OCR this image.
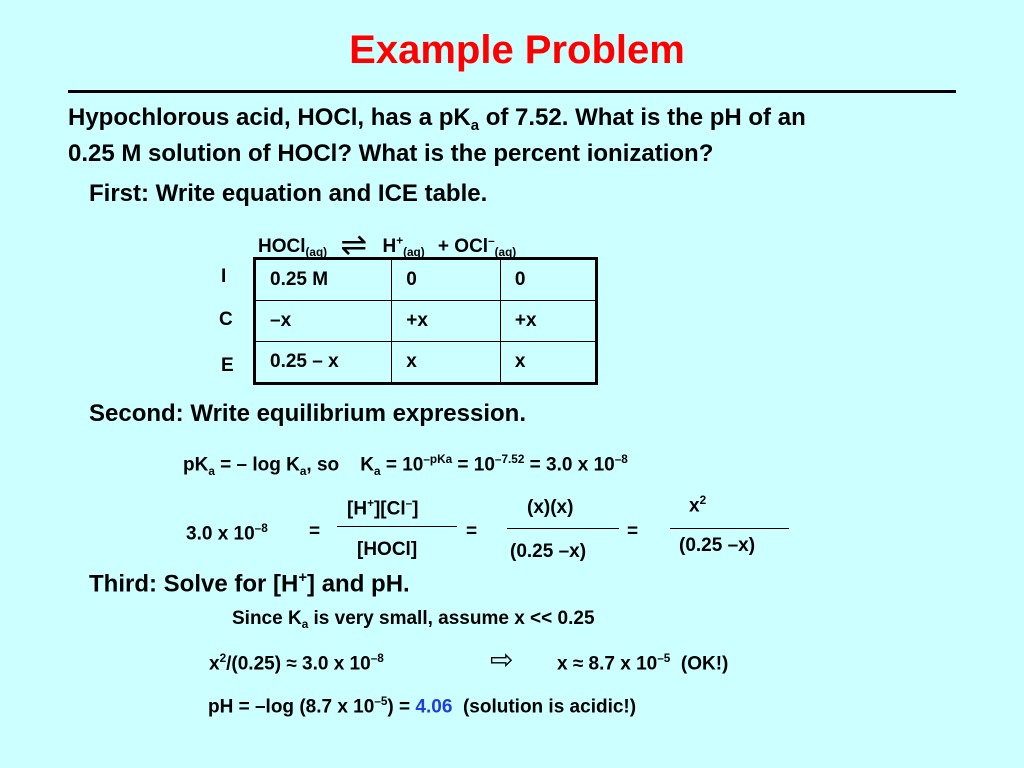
Example Problem
Hypochlorous acid, HOCl, has a $pK_a$ of 7.52. What is the pH of an
0.25 M solution of HOCl? What is the percent ionization?
First: Write equation and ICE table.
HOCl$_{(aq)}$ ⇌ $H^+_{(aq)} + OCl^-_{(aq)}$
I
C
E
0.25 M	0	0
–x	+x	+x
0.25 – x	x	x
Second: Write equilibrium expression.
$pK_a$ = – $\log K_a$, so    $K_a = 10^{-pKa} = 10^{-7.52} = 3.0$ x $10^{-8}$
3.0 x $10^{-8}$ =
[H+][Cl–]
[HOCl]
=
(x)(x)
(0.25 –x)
=
$x^2$
(0.25 –x)
Third: Solve for [H+] and pH.
Since $K_a$ is very small, assume x << 0.25
$x^2/(0.25) \approx 3.0$ x $10^{-8}$	⇨ x ≈ 8.7 x $10^{-5}$  (OK!)
pH = –log (8.7 x $10^{-5}) = 4.06$  (solution is acidic!)
